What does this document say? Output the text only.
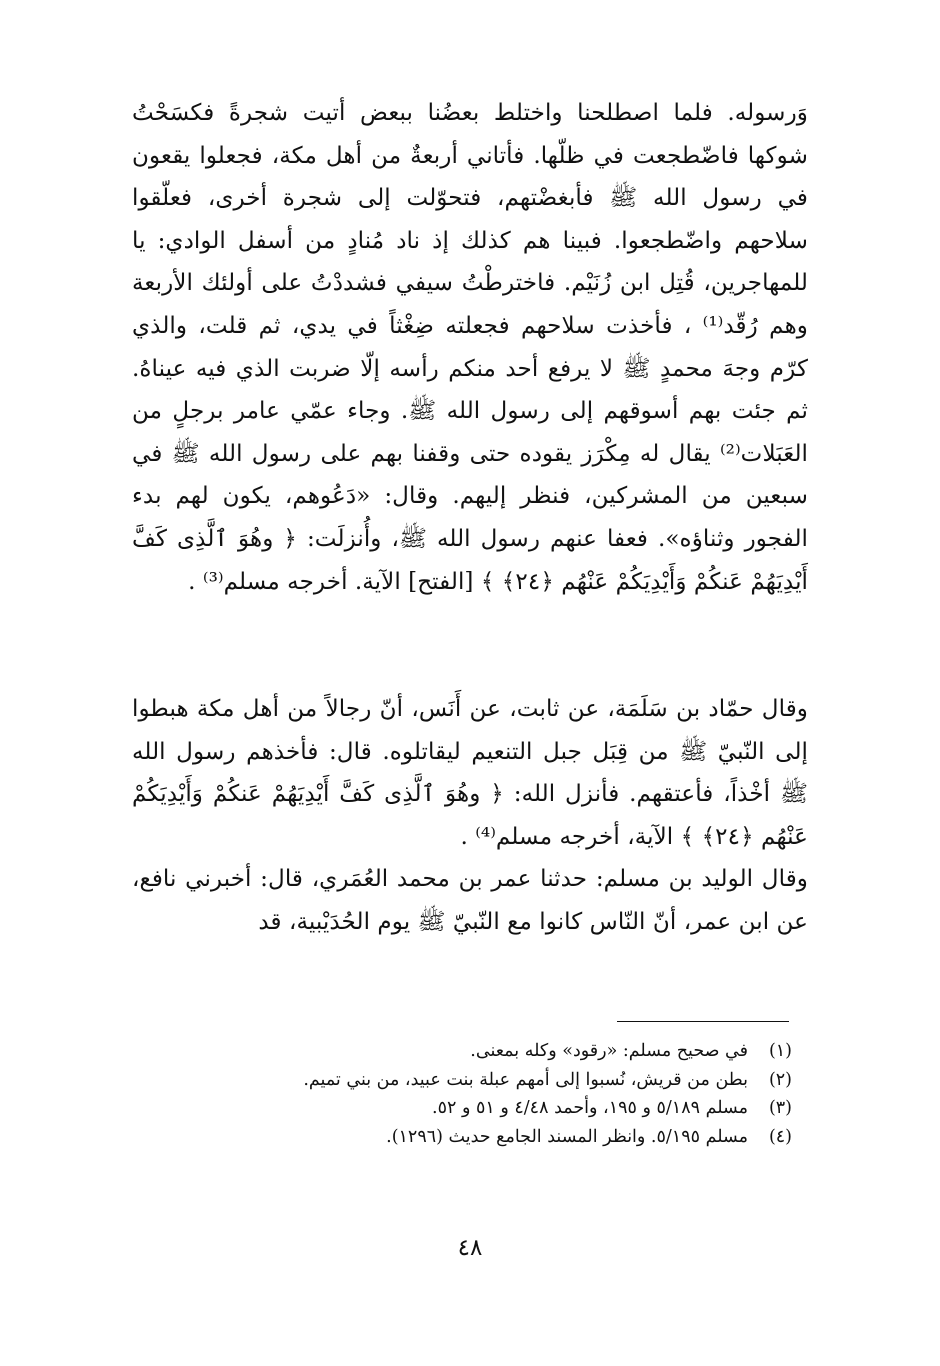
وَرسوله. فلما اصطلحنا واختلط بعضُنا ببعض أتيت شجرةً فكسَحْتُ شوكها فاضّطجعت في ظلّها. فأتاني أربعةٌ من أهل مكة، فجعلوا يقعون في رسول الله ﷺ فأبغضْتهم، فتحوّلت إلى شجرة أخرى، فعلّقوا سلاحهم واضّطجعوا. فبينا هم كذلك إذ ناد مُنادٍ من أسفل الوادي: يا للمهاجرين، قُتِل ابن زُنَيْم. فاخترطْتُ سيفي فشددْتُ على أولئك الأربعة وهم رُقّد⁽¹⁾ ، فأخذت سلاحهم فجعلته ضِغْثاً في يدي، ثم قلت، والذي كرّم وجهَ محمدٍ ﷺ لا يرفع أحد منكم رأسه إلّا ضربت الذي فيه عيناهُ. ثم جئت بهم أسوقهم إلى رسول الله ﷺ. وجاء عمّي عامر برجلٍ من العَبَلات⁽²⁾ يقال له مِكْرَز يقوده حتى وقفنا بهم على رسول الله ﷺ في سبعين من المشركين، فنظر إليهم. وقال: «دَعُوهم، يكون لهم بدء الفجور وثناؤه». فعفا عنهم رسول الله ﷺ، وأُنزلَت: ﴿ وهُوَ ٱلَّذِى كَفَّ أَيْدِيَهُمْ عَنكُمْ وَأَيْدِيَكُمْ عَنْهُم ﴿٢٤﴾ ﴾ [الفتح] الآية. أخرجه مسلم⁽³⁾ .

وقال حمّاد بن سَلَمَة، عن ثابت، عن أَنَس، أنّ رجالاً من أهل مكة هبطوا إلى النّبيّ ﷺ من قِبَل جبل التنعيم ليقاتلوه. قال: فأخذهم رسول الله ﷺ أخْذاً، فأعتقهم. فأنزل الله: ﴿ وهُوَ ٱلَّذِى كَفَّ أَيْدِيَهُمْ عَنكُمْ وَأَيْدِيَكُمْ عَنْهُم ﴿٢٤﴾ ﴾ الآية، أخرجه مسلم⁽⁴⁾ .

وقال الوليد بن مسلم: حدثنا عمر بن محمد العُمَري، قال: أخبرني نافع، عن ابن عمر، أنّ النّاس كانوا مع النّبيّ ﷺ يوم الحُدَيْبية، قد

(١)
في صحيح مسلم: «رقود» وكله بمعنى.
(٢)
بطن من قريش، نُسبوا إلى أمهم عبلة بنت عبيد، من بني تميم.
(٣)
مسلم ٥/١٨٩ و ١٩٥، وأحمد ٤/٤٨ و ٥١ و ٥٢.
(٤)
مسلم ٥/١٩٥. وانظر المسند الجامع حديث (١٢٩٦).
٤٨
